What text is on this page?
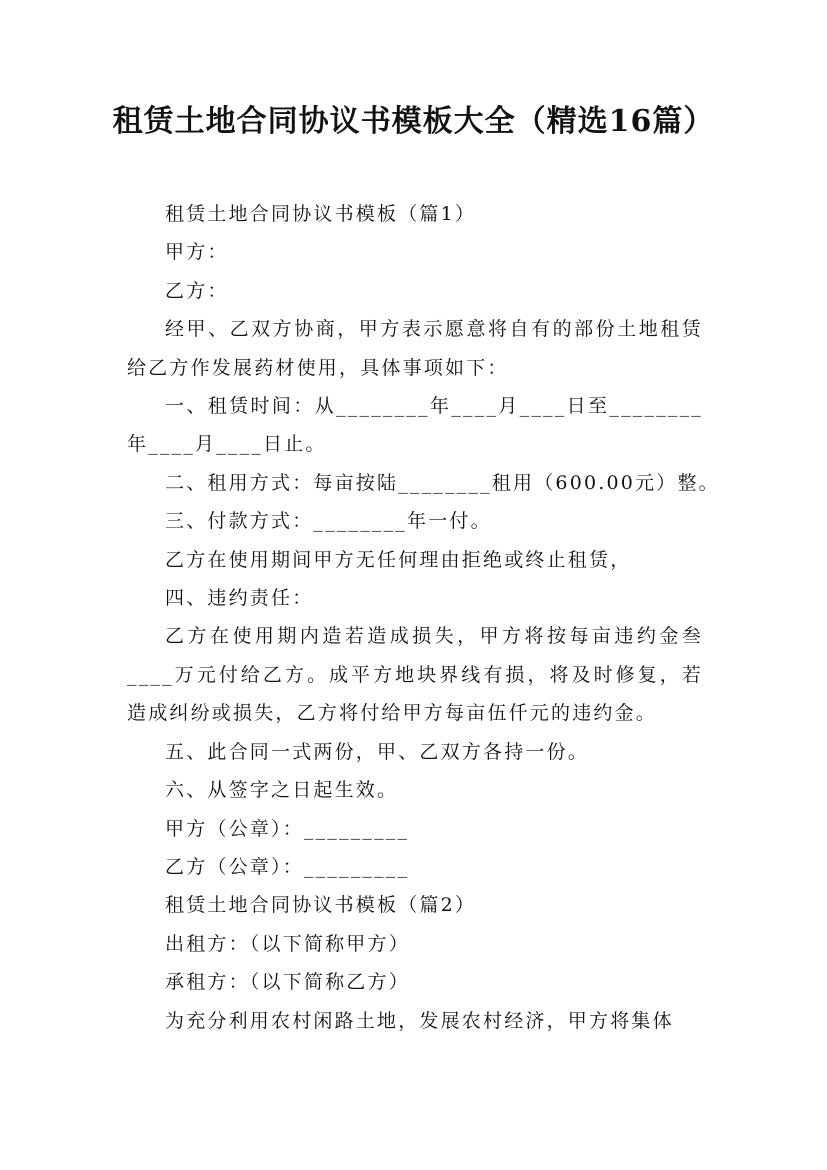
租赁土地合同协议书模板大全（精选16篇）

租赁土地合同协议书模板（篇1）

甲方：

乙方：

经甲、乙双方协商，甲方表示愿意将自有的部份土地租赁给乙方作发展药材使用，具体事项如下：

一、租赁时间：从________年____月____日至________年____月____日止。

二、租用方式：每亩按陆________租用（600.00元）整。

三、付款方式：________年一付。

乙方在使用期间甲方无任何理由拒绝或终止租赁，

四、违约责任：

乙方在使用期内造若造成损失，甲方将按每亩违约金叁____万元付给乙方。成平方地块界线有损，将及时修复，若造成纠纷或损失，乙方将付给甲方每亩伍仟元的违约金。

五、此合同一式两份，甲、乙双方各持一份。

六、从签字之日起生效。

甲方（公章）：_________

乙方（公章）：_________

租赁土地合同协议书模板（篇2）

出租方：（以下简称甲方）

承租方：（以下简称乙方）

为充分利用农村闲路土地，发展农村经济，甲方将集体
